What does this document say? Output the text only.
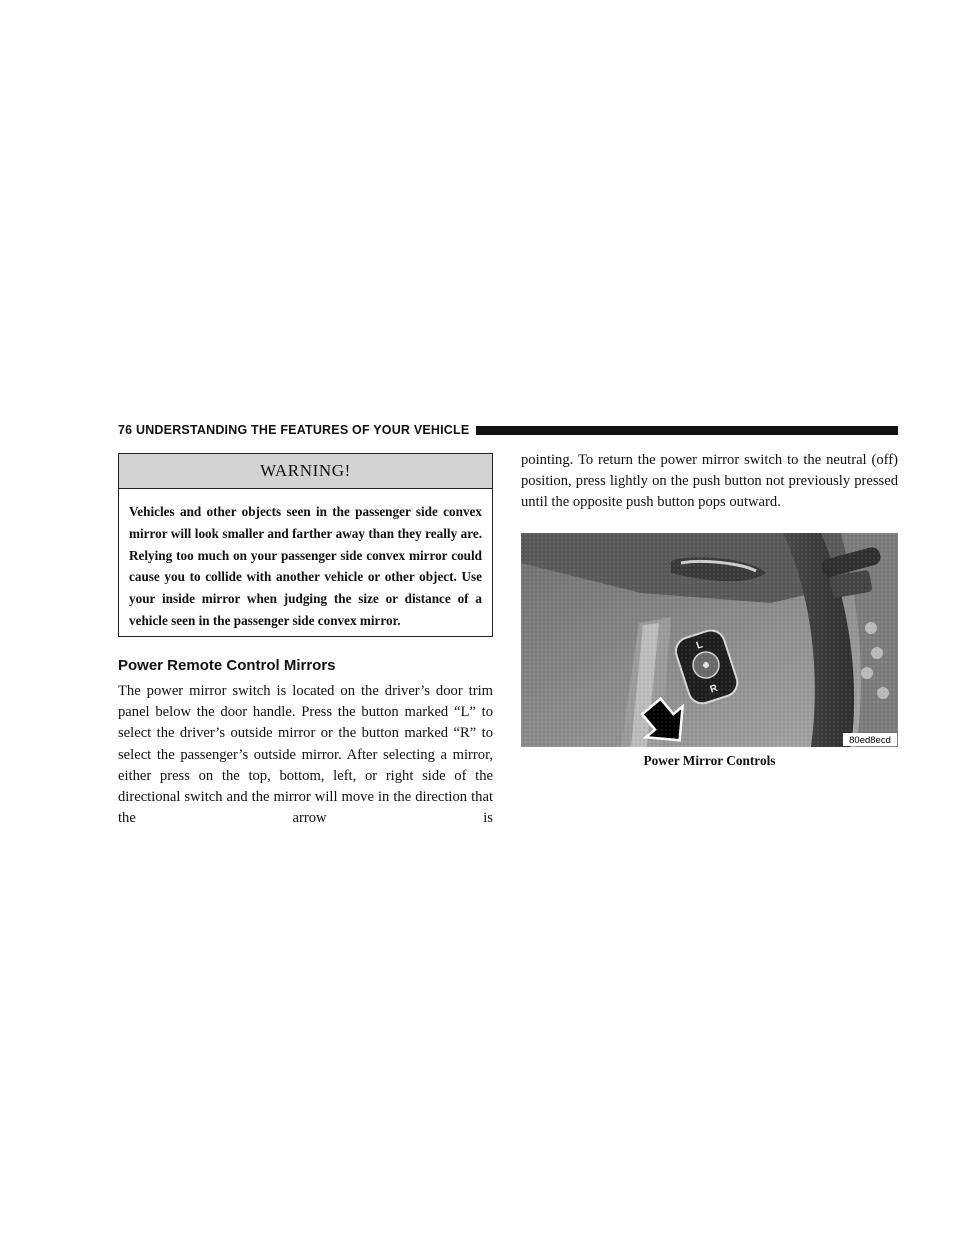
76 UNDERSTANDING THE FEATURES OF YOUR VEHICLE
WARNING!
Vehicles and other objects seen in the passenger side convex mirror will look smaller and farther away than they really are. Relying too much on your passenger side convex mirror could cause you to collide with another vehicle or other object. Use your inside mirror when judging the size or distance of a vehicle seen in the passenger side convex mirror.
Power Remote Control Mirrors

The power mirror switch is located on the driver’s door trim panel below the door handle. Press the button marked “L” to select the driver’s outside mirror or the button marked “R” to select the passenger’s outside mirror. After selecting a mirror, either press on the top, bottom, left, or right side of the directional switch and the mirror will move in the direction that the arrow is

pointing. To return the power mirror switch to the neutral (off) position, press lightly on the push button not previously pressed until the opposite push button pops outward.

80ed8ecd
Power Mirror Controls
